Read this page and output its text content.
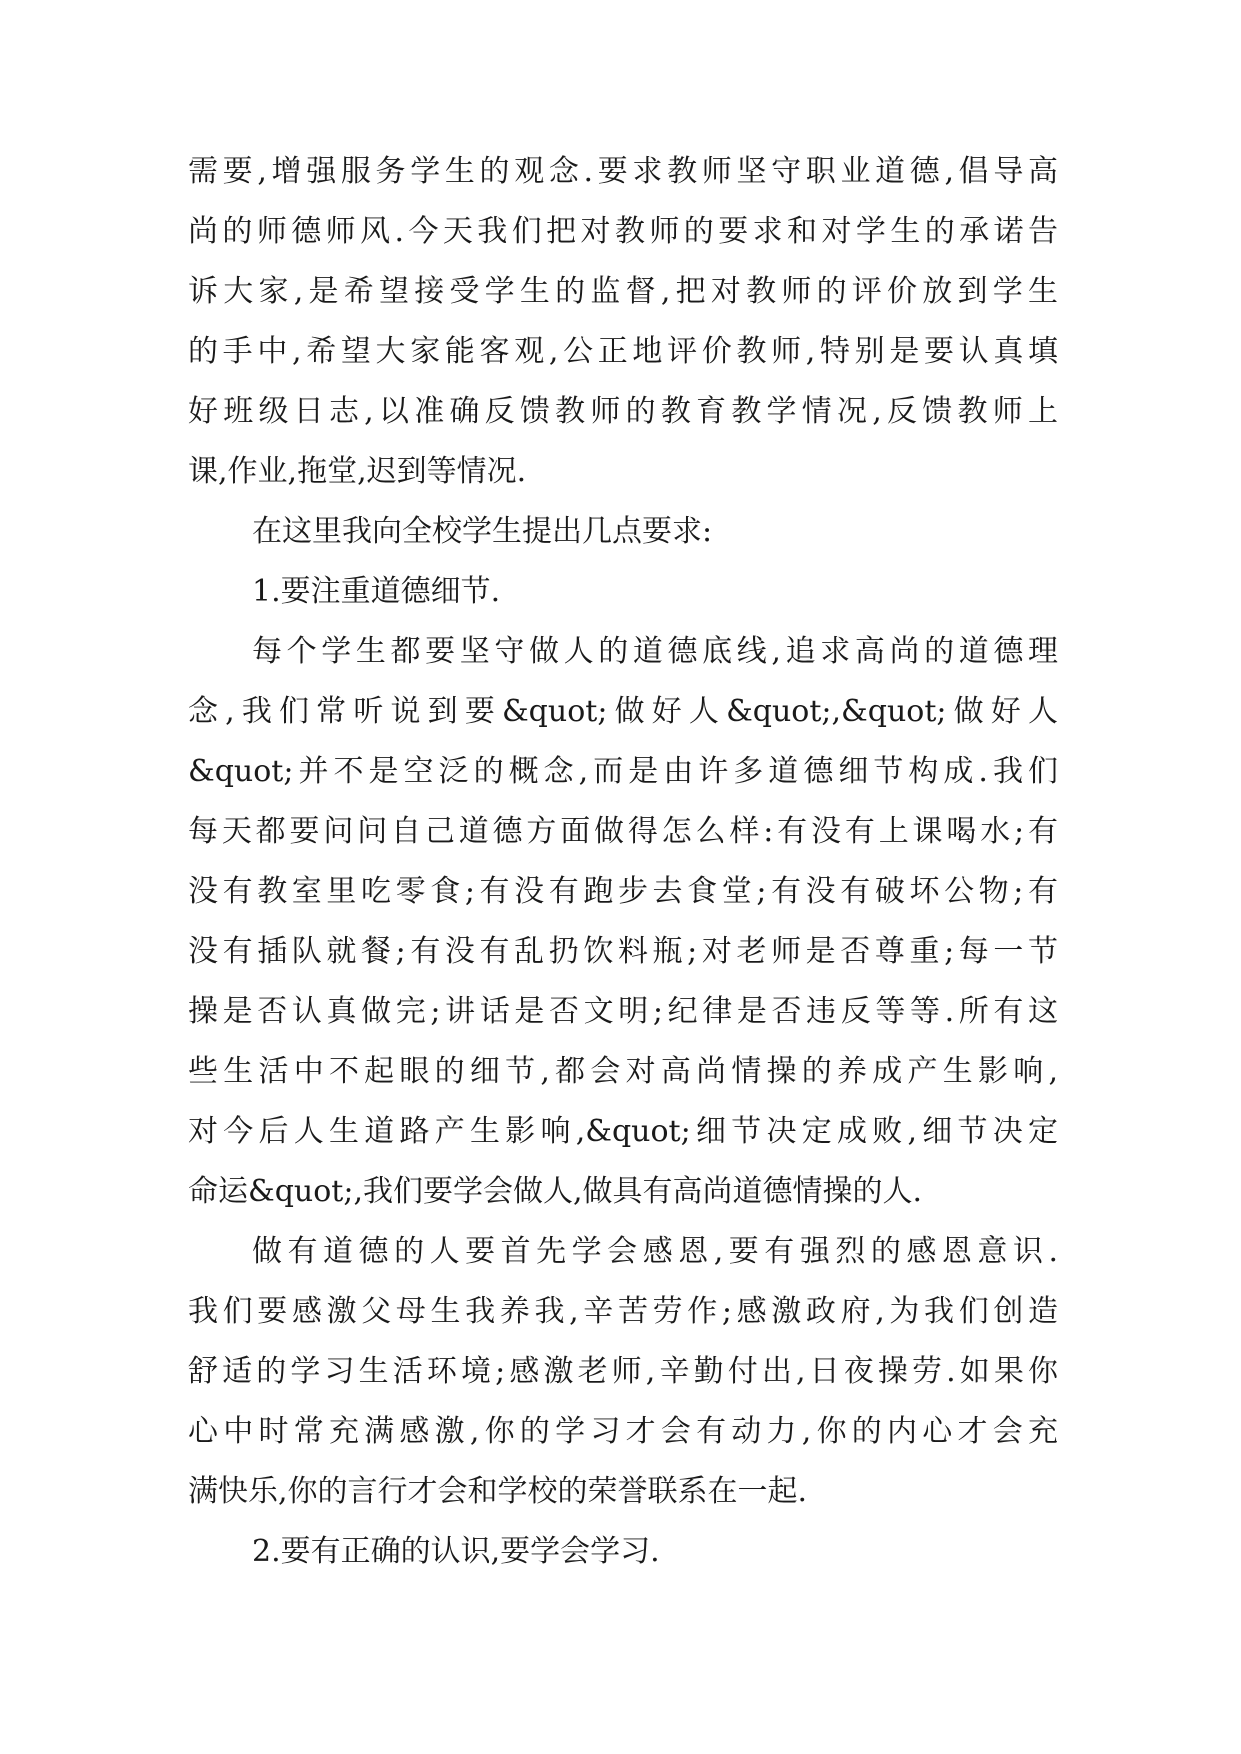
需要,增强服务学生的观念.要求教师坚守职业道德,倡导高
尚的师德师风.今天我们把对教师的要求和对学生的承诺告
诉大家,是希望接受学生的监督,把对教师的评价放到学生
的手中,希望大家能客观,公正地评价教师,特别是要认真填
好班级日志,以准确反馈教师的教育教学情况,反馈教师上
课,作业,拖堂,迟到等情况.
在这里我向全校学生提出几点要求:
1.要注重道德细节.
每个学生都要坚守做人的道德底线,追求高尚的道德理
念,我们常听说到要&quot;做好人&quot;,&quot;做好人
&quot;并不是空泛的概念,而是由许多道德细节构成.我们
每天都要问问自己道德方面做得怎么样:有没有上课喝水;有
没有教室里吃零食;有没有跑步去食堂;有没有破坏公物;有
没有插队就餐;有没有乱扔饮料瓶;对老师是否尊重;每一节
操是否认真做完;讲话是否文明;纪律是否违反等等.所有这
些生活中不起眼的细节,都会对高尚情操的养成产生影响,
对今后人生道路产生影响,&quot;细节决定成败,细节决定
命运&quot;,我们要学会做人,做具有高尚道德情操的人.
做有道德的人要首先学会感恩,要有强烈的感恩意识.
我们要感激父母生我养我,辛苦劳作;感激政府,为我们创造
舒适的学习生活环境;感激老师,辛勤付出,日夜操劳.如果你
心中时常充满感激,你的学习才会有动力,你的内心才会充
满快乐,你的言行才会和学校的荣誉联系在一起.
2.要有正确的认识,要学会学习.
